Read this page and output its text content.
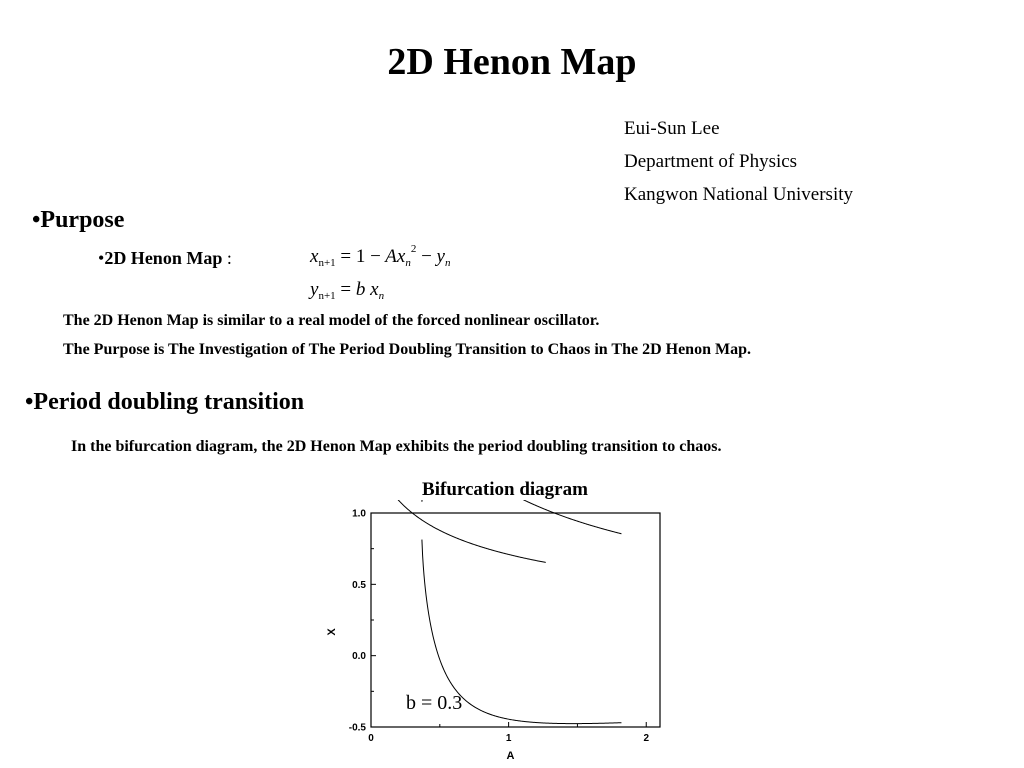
2D Henon Map
Eui-Sun Lee
Department of Physics
Kangwon National University
•Purpose
•2D Henon Map :	$x_{n+1} = 1 - Ax_n^2 - y_n$
$y_{n+1} = b$ $x_n$
The 2D Henon Map is similar to a real model of the forced nonlinear oscillator.
The Purpose is The Investigation of The Period Doubling Transition to Chaos in The 2D Henon Map.
•Period doubling transition
In the bifurcation diagram, the 2D Henon Map exhibits the period doubling transition to chaos.
Bifurcation diagram
1.0
0.5
0.0
-0.5
0	1	2
A
X
b = 0.3
